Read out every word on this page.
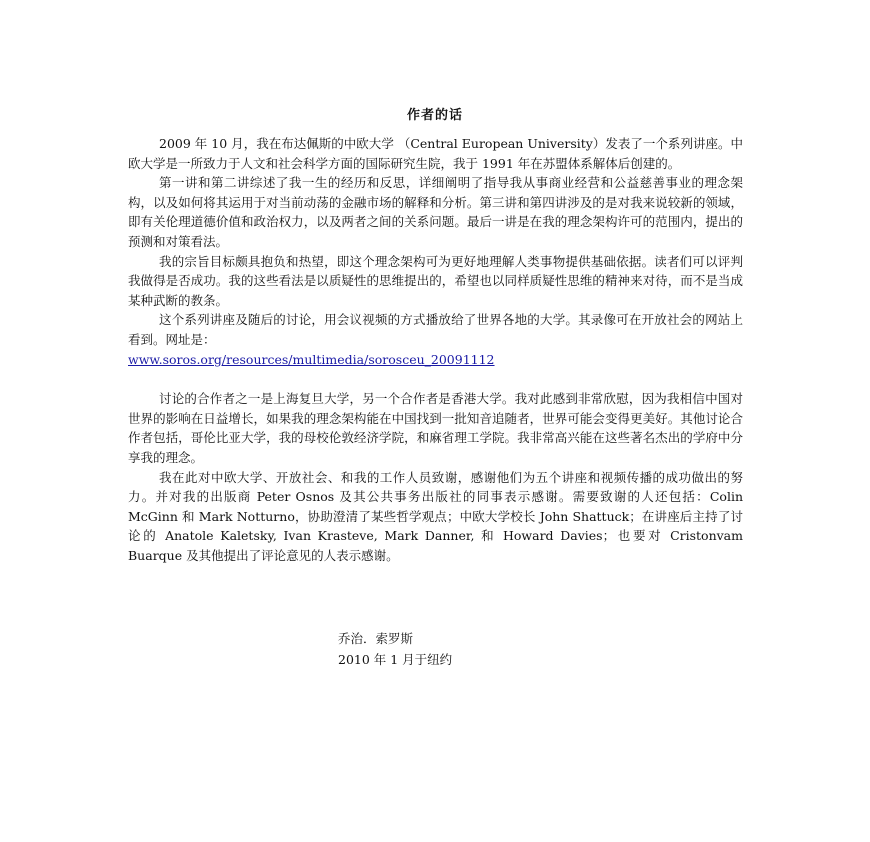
作者的话

2009 年 10 月，我在布达佩斯的中欧大学 （Central European University）发表了一个系列讲座。中欧大学是一所致力于人文和社会科学方面的国际研究生院，我于 1991 年在苏盟体系解体后创建的。

第一讲和第二讲综述了我一生的经历和反思，详细阐明了指导我从事商业经营和公益慈善事业的理念架构，以及如何将其运用于对当前动荡的金融市场的解释和分析。第三讲和第四讲涉及的是对我来说较新的领域，即有关伦理道德价值和政治权力，以及两者之间的关系问题。最后一讲是在我的理念架构许可的范围内，提出的预测和对策看法。

我的宗旨目标颇具抱负和热望，即这个理念架构可为更好地理解人类事物提供基础依据。读者们可以评判我做得是否成功。我的这些看法是以质疑性的思维提出的，希望也以同样质疑性思维的精神来对待，而不是当成某种武断的教条。

这个系列讲座及随后的讨论，用会议视频的方式播放给了世界各地的大学。其录像可在开放社会的网站上看到。网址是：

www.soros.org/resources/multimedia/sorosceu_20091112

讨论的合作者之一是上海复旦大学，另一个合作者是香港大学。我对此感到非常欣慰，因为我相信中国对世界的影响在日益增长，如果我的理念架构能在中国找到一批知音追随者，世界可能会变得更美好。其他讨论合作者包括，哥伦比亚大学，我的母校伦敦经济学院，和麻省理工学院。我非常高兴能在这些著名杰出的学府中分享我的理念。

我在此对中欧大学、开放社会、和我的工作人员致谢，感谢他们为五个讲座和视频传播的成功做出的努力。并对我的出版商 Peter Osnos 及其公共事务出版社的同事表示感谢。需要致谢的人还包括：Colin McGinn 和 Mark Notturno，协助澄清了某些哲学观点；中欧大学校长 John Shattuck；在讲座后主持了讨论的 Anatole Kaletsky, Ivan Krasteve, Mark Danner, 和 Howard Davies；也要对 Cristonvam Buarque 及其他提出了评论意见的人表示感谢。

乔治．索罗斯
2010 年 1 月于纽约
